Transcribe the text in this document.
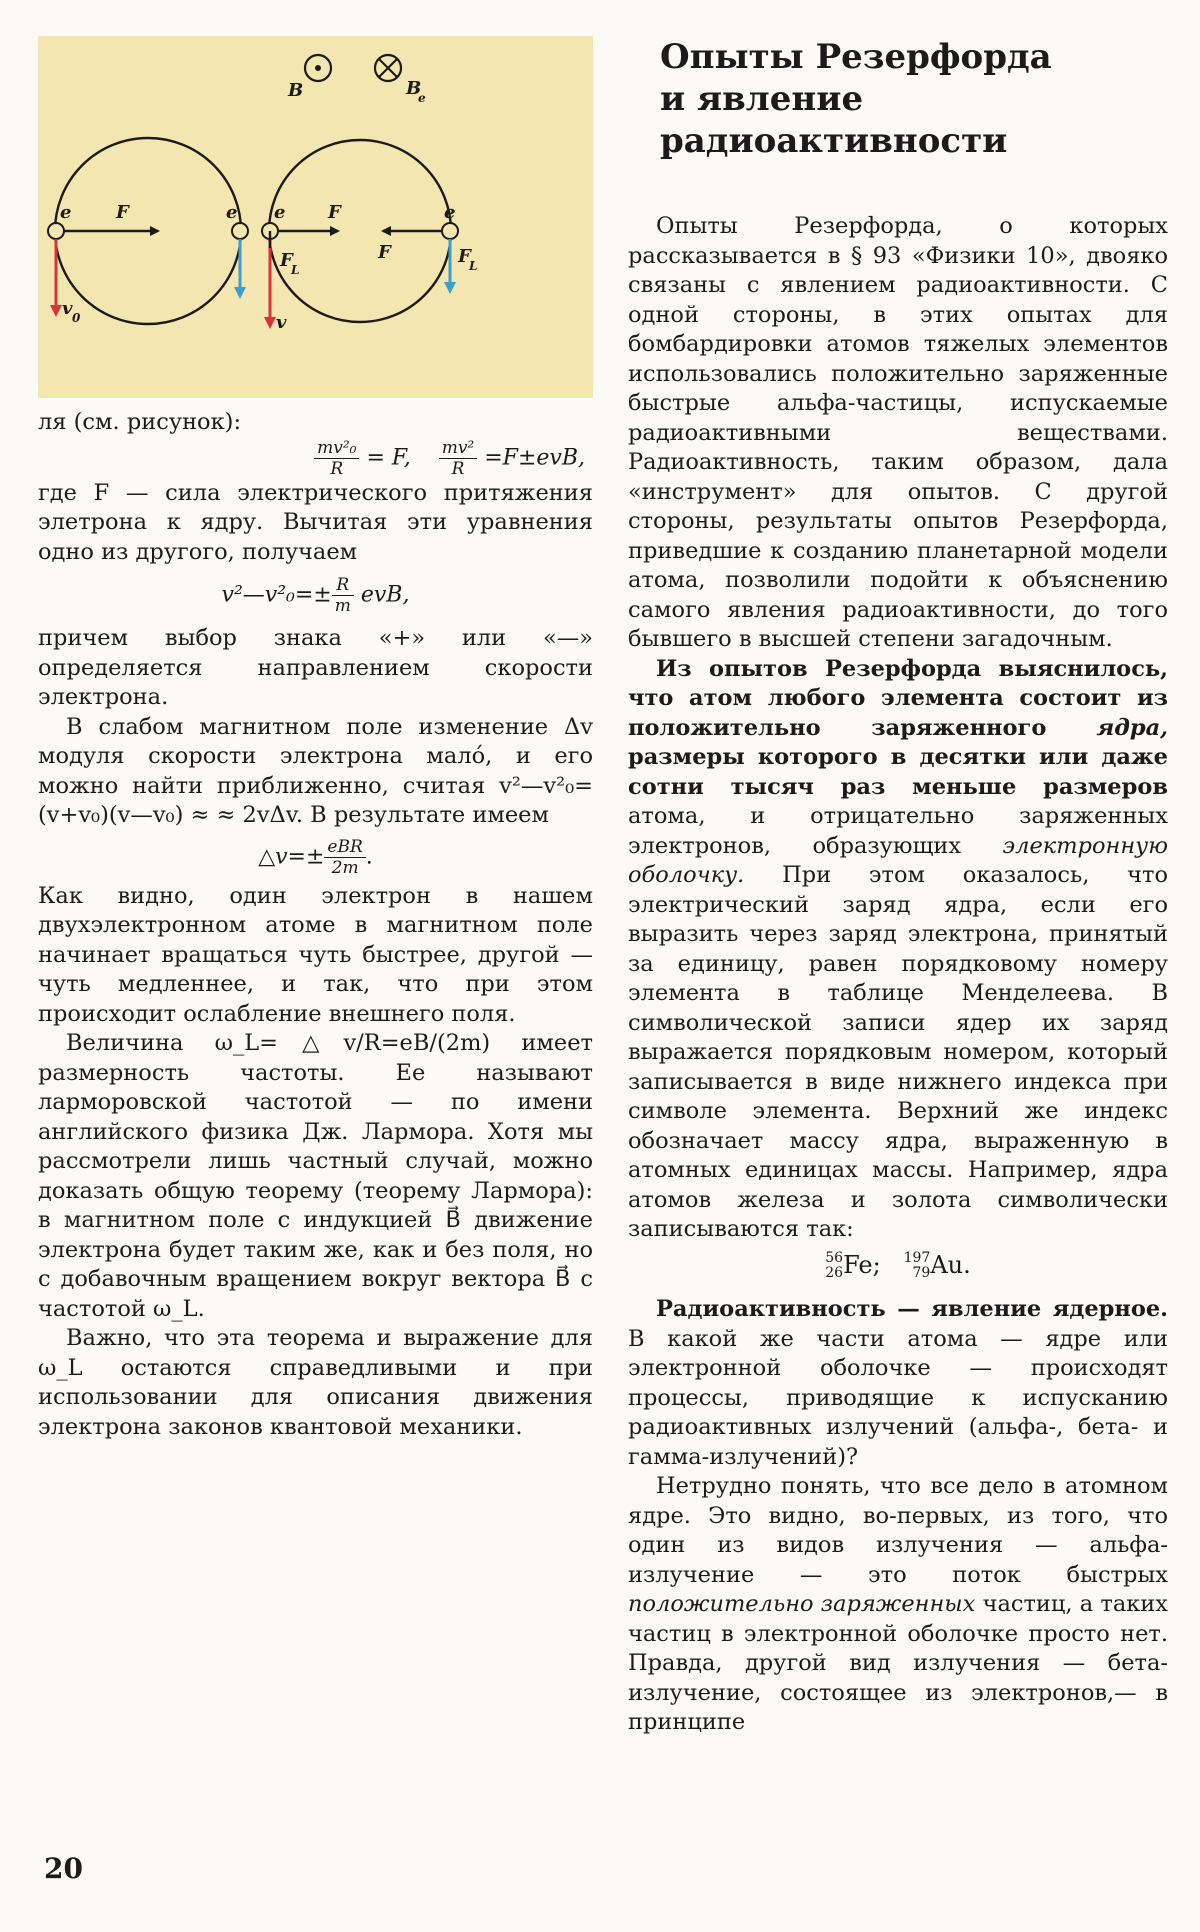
B	B
e
e F	e
v 0
e F
F
L
F
e
F
L
v

ля (см. рисунок):

$\frac{\text{mv²₀}}{R} = F$, $\frac{\text{mv²}}{R} =F\pm evB$,

где F — сила электрического притяжения элетрона к ядру. Вычитая эти уравнения одно из другого, получаем

v²—v²₀=± $\frac{R}{m}$ evB,

причем выбор знака «+» или «—» определяется направлением скорости электрона.

В слабом магнитном поле изменение Δv модуля скорости электрона мало́, и его можно найти приближенно, считая v²—v²₀=(v+v₀)(v—v₀) ≈ ≈ 2vΔv. В результате имеем

△v=± $\frac{\text{eBR}}{2m}$ .

Как видно, один электрон в нашем двухэлектронном атоме в магнитном поле начинает вращаться чуть быстрее, другой — чуть медленнее, и так, что при этом происходит ослабление внешнего поля.

Величина ω_L=△v/R=eB/(2m) имеет размерность частоты. Ее называют ларморовской частотой — по имени английского физика Дж. Лармора. Хотя мы рассмотрели лишь частный случай, можно доказать общую теорему (теорему Лармора): в магнитном поле с индукцией B⃗ движение электрона будет таким же, как и без поля, но с добавочным вращением вокруг вектора B⃗ с частотой ω_L.

Важно, что эта теорема и выражение для ω_L остаются справедливыми и при использовании для описания движения электрона законов квантовой механики.

Опыты Резерфорда
и явление
радиоактивности

Опыты Резерфорда, о которых рассказывается в § 93 «Физики 10», двояко связаны с явлением радиоактивности. С одной стороны, в этих опытах для бомбардировки атомов тяжелых элементов использовались положительно заряженные быстрые альфа-частицы, испускаемые радиоактивными веществами. Радиоактивность, таким образом, дала «инструмент» для опытов. С другой стороны, результаты опытов Резерфорда, приведшие к созданию планетарной модели атома, позволили подойти к объяснению самого явления радиоактивности, до того бывшего в высшей степени загадочным.

Из опытов Резерфорда выяснилось, что атом любого элемента состоит из положительно заряженного ядра, размеры которого в десятки или даже сотни тысяч раз меньше размеров атома, и отрицательно заряженных электронов, образующих электронную оболочку. При этом оказалось, что электрический заряд ядра, если его выразить через заряд электрона, принятый за единицу, равен порядковому номеру элемента в таблице Менделеева. В символической записи ядер их заряд выражается порядковым номером, который записывается в виде нижнего индекса при символе элемента. Верхний же индекс обозначает массу ядра, выраженную в атомных единицах массы. Например, ядра атомов железа и золота символически записываются так:

56
26 Fe; 197
79 Au.

Радиоактивность — явление ядерное. В какой же части атома — ядре или электронной оболочке — происходят процессы, приводящие к испусканию радиоактивных излучений (альфа-, бета- и гамма-излучений)?

Нетрудно понять, что все дело в атомном ядре. Это видно, во-первых, из того, что один из видов излучения — альфа-излучение — это поток быстрых положительно заряженных частиц, а таких частиц в электронной оболочке просто нет. Правда, другой вид излучения — бета-излучение, состоящее из электронов,— в принципе

20
